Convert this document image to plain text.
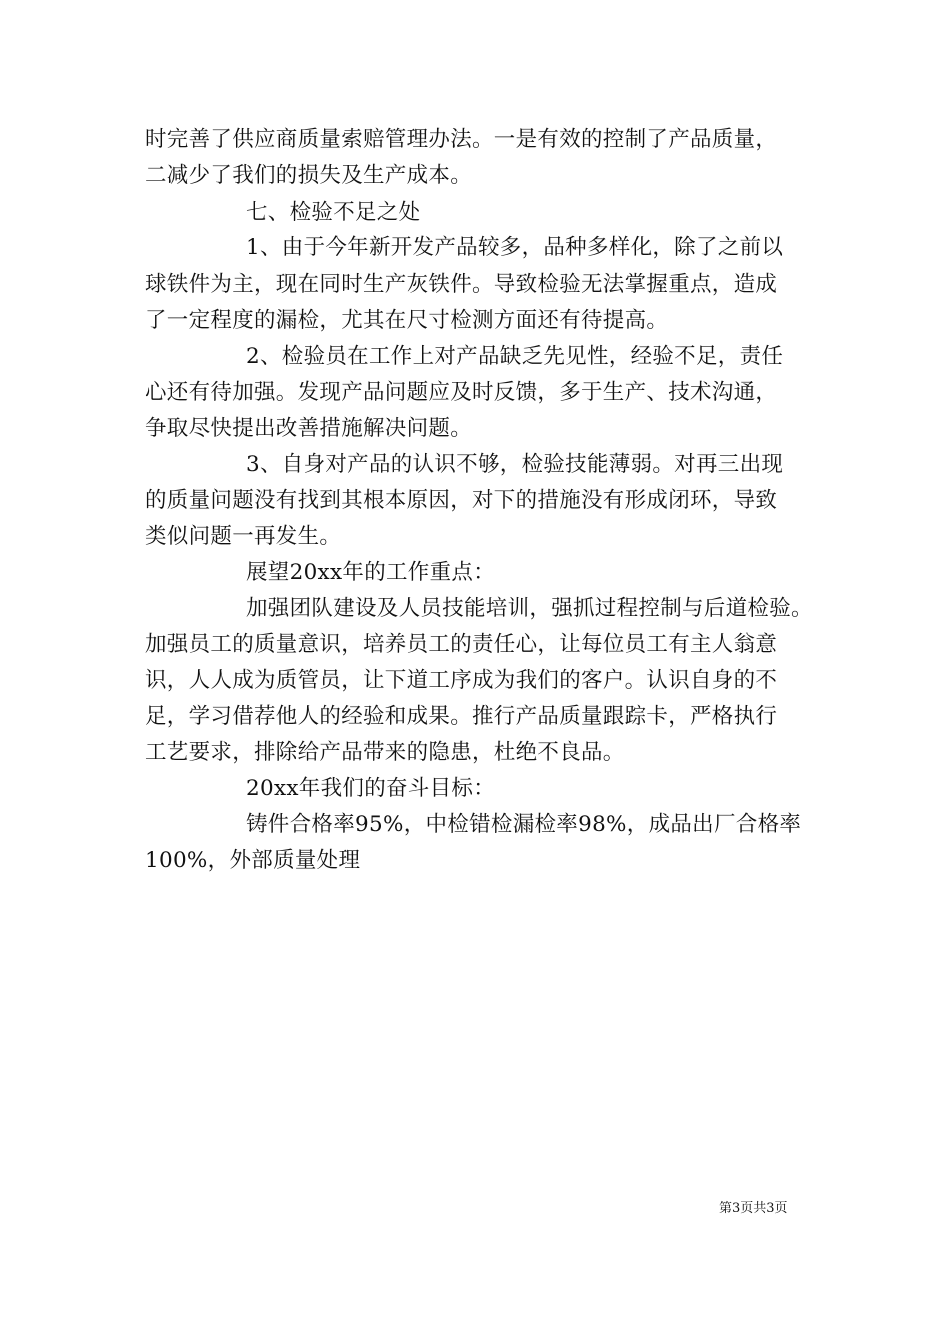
时完善了供应商质量索赔管理办法。一是有效的控制了产品质量，
二减少了我们的损失及生产成本。
七、检验不足之处
1、由于今年新开发产品较多，品种多样化，除了之前以
球铁件为主，现在同时生产灰铁件。导致检验无法掌握重点，造成
了一定程度的漏检，尤其在尺寸检测方面还有待提高。
2、检验员在工作上对产品缺乏先见性，经验不足，责任
心还有待加强。发现产品问题应及时反馈，多于生产、技术沟通，
争取尽快提出改善措施解决问题。
3、自身对产品的认识不够，检验技能薄弱。对再三出现
的质量问题没有找到其根本原因，对下的措施没有形成闭环，导致
类似问题一再发生。
展望20xx年的工作重点：
加强团队建设及人员技能培训，强抓过程控制与后道检验。
加强员工的质量意识，培养员工的责任心，让每位员工有主人翁意
识，人人成为质管员，让下道工序成为我们的客户。认识自身的不
足，学习借荐他人的经验和成果。推行产品质量跟踪卡，严格执行
工艺要求，排除给产品带来的隐患，杜绝不良品。
20xx年我们的奋斗目标：
铸件合格率95%，中检错检漏检率98%，成品出厂合格率
100%，外部质量处理
第3页共3页
